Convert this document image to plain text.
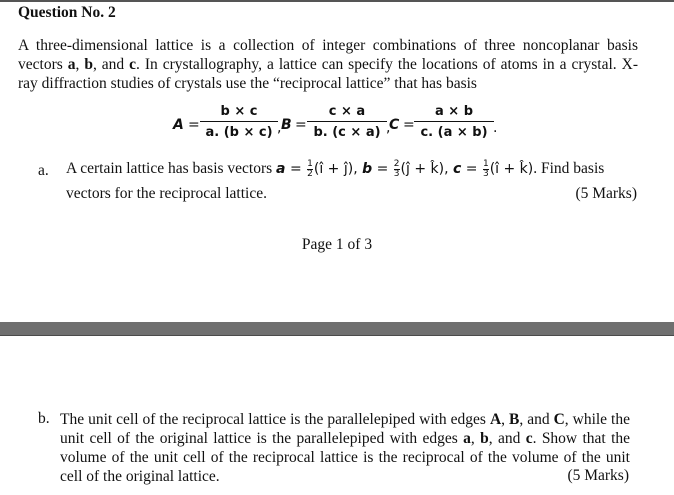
Question No. 2
A three-dimensional lattice is a collection of integer combinations of three noncoplanar basis vectors a, b, and c. In crystallography, a lattice can specify the locations of atoms in a crystal. X-ray diffraction studies of crystals use the “reciprocal lattice” that has basis
$A = \frac{b \times c}{a. (b \times c)}$ , $B = \frac{c \times a}{b. (c \times a)}$ ,
$C = \frac{a \times b}{c. (a \times b)}$ .
a. A certain lattice has basis vectors $a = \frac{1}{2}$ (î + ĵ), $b = \frac{2}{3}$ (ĵ + k̂), $c = \frac{1}{3}$ (î + k̂). Find basis
vectors for the reciprocal lattice.	(5 Marks)
Page 1 of 3
b. The unit cell of the reciprocal lattice is the parallelepiped with edges A, B, and C, while the unit cell of the original lattice is the parallelepiped with edges a, b, and c. Show that the volume of the unit cell of the reciprocal lattice is the reciprocal of the volume of the unit cell of the original lattice.	(5 Marks)
